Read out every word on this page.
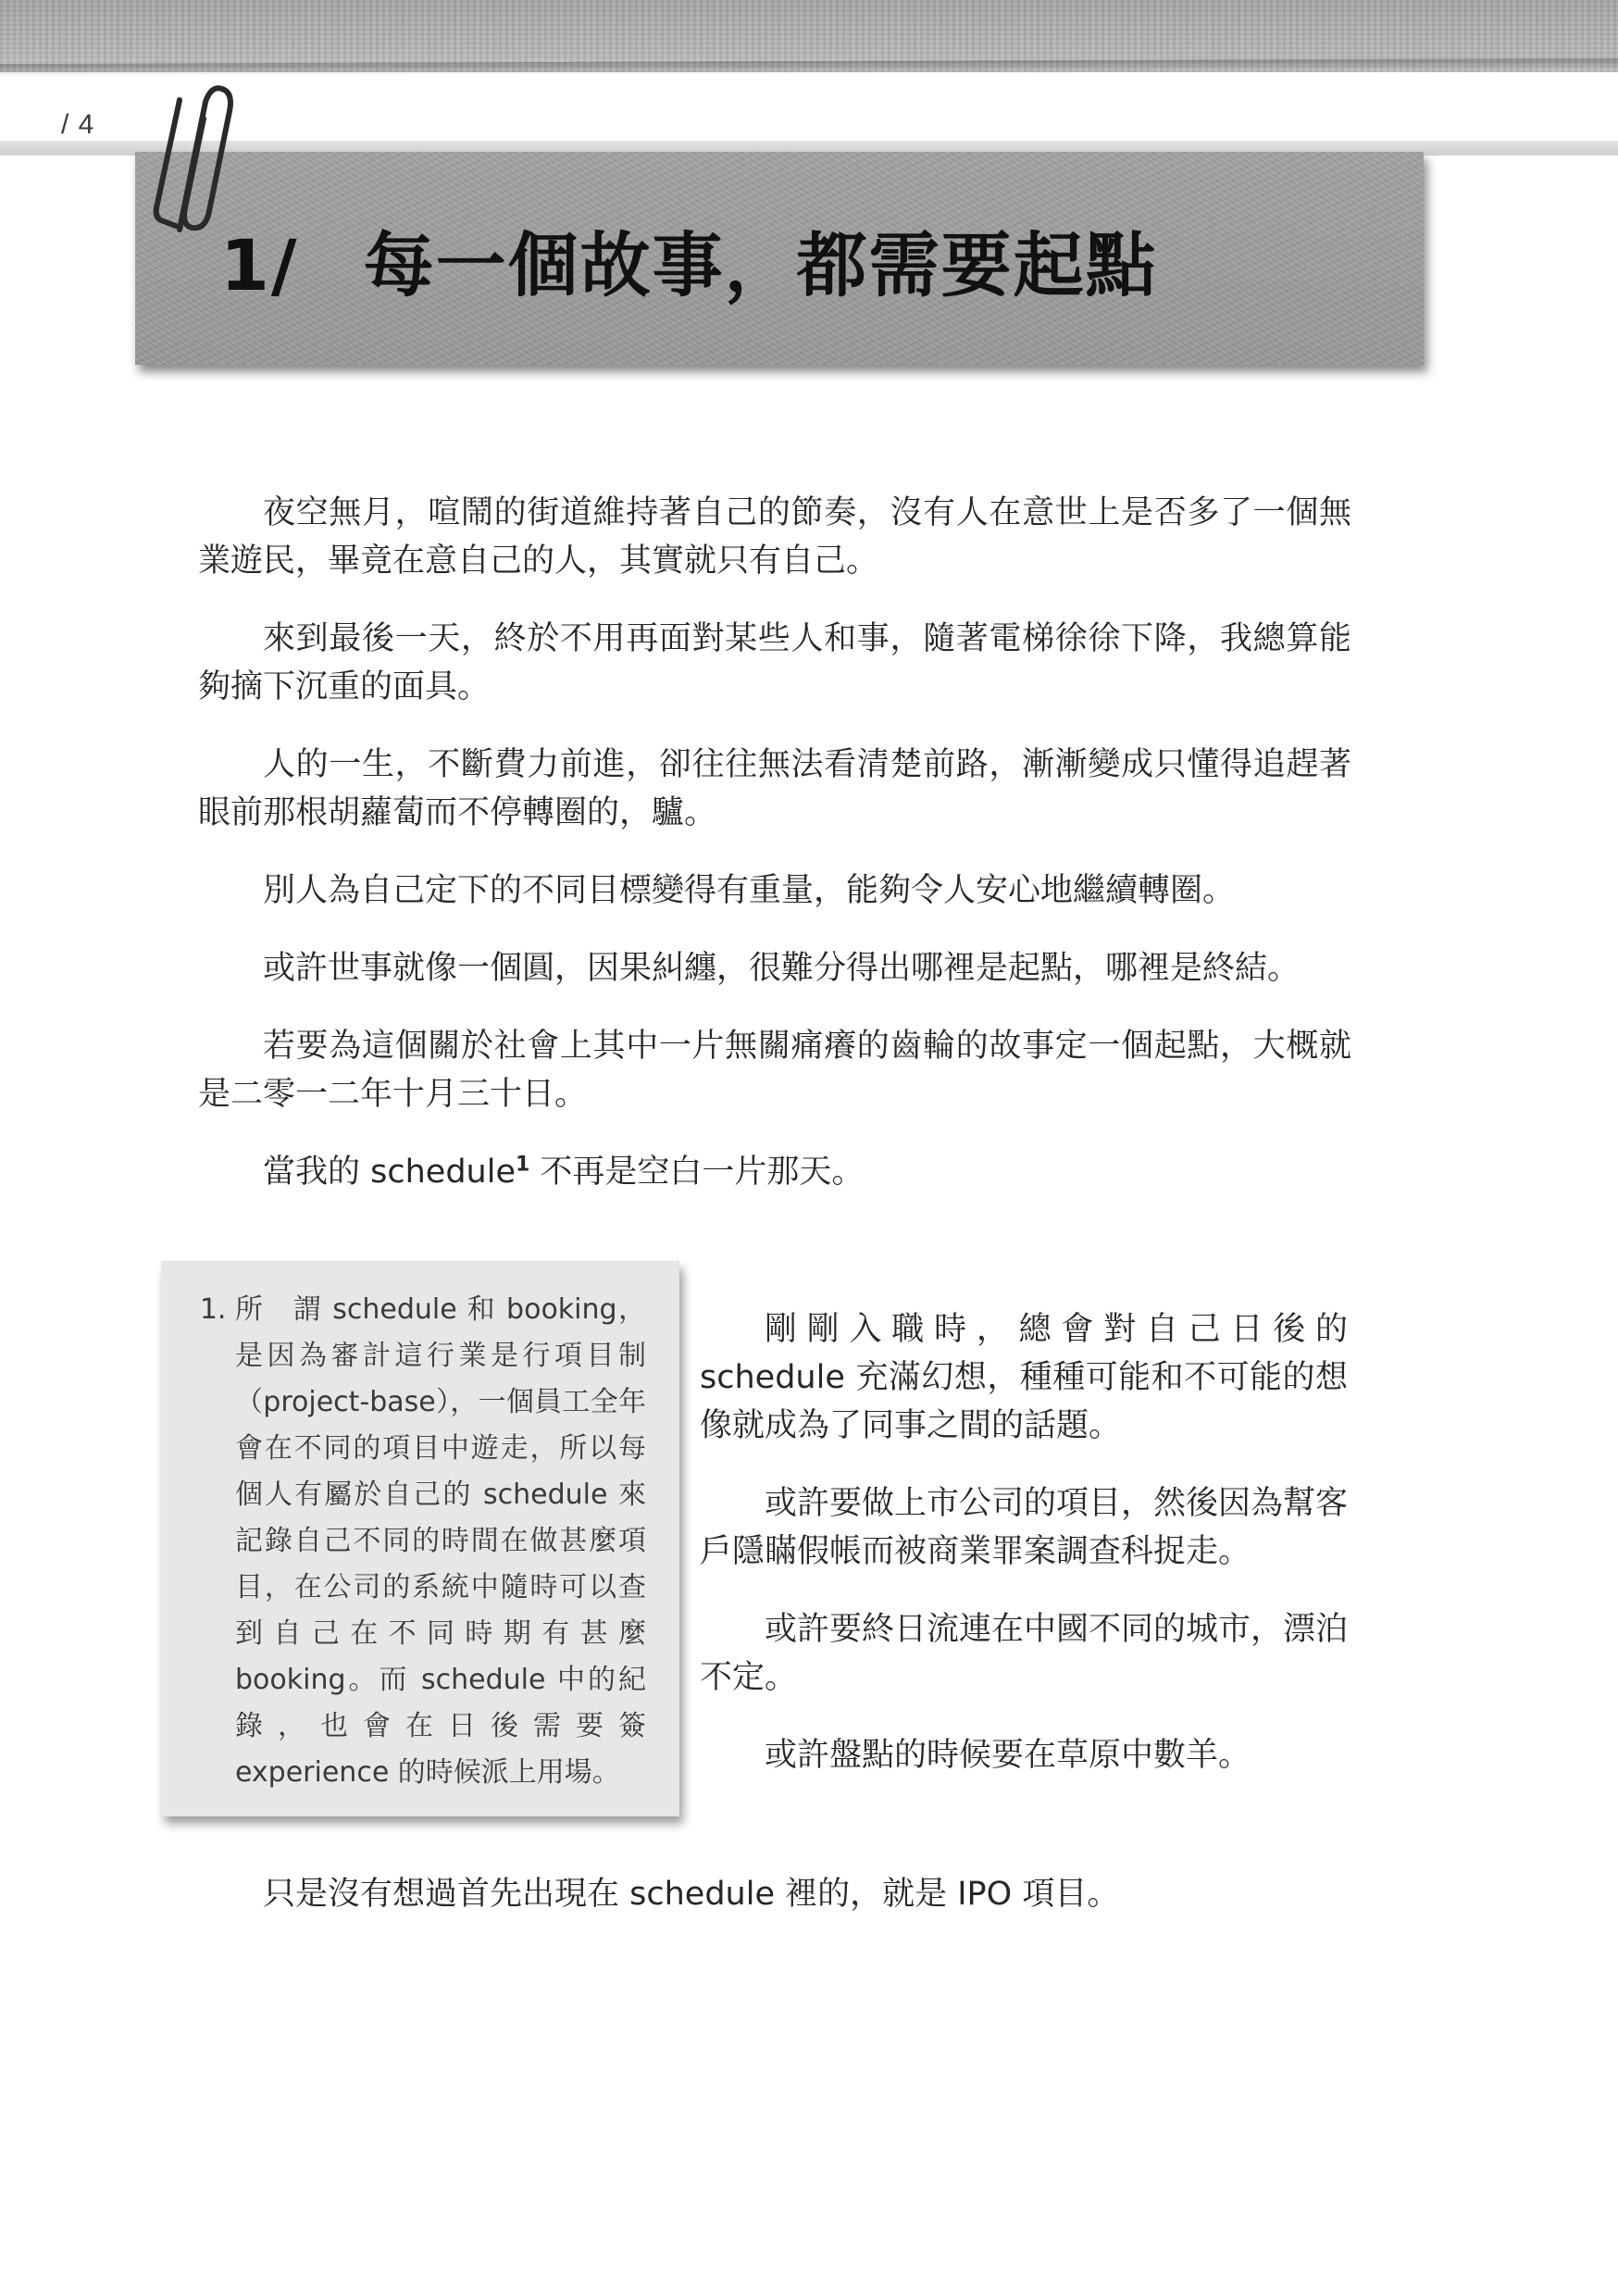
/ 4
1/ 每一個故事，都需要起點

夜空無月，喧鬧的街道維持著自己的節奏，沒有人在意世上是否多了一個無業遊民，畢竟在意自己的人，其實就只有自己。

來到最後一天，終於不用再面對某些人和事，隨著電梯徐徐下降，我總算能夠摘下沉重的面具。

人的一生，不斷費力前進，卻往往無法看清楚前路，漸漸變成只懂得追趕著眼前那根胡蘿蔔而不停轉圈的，驢。

別人為自己定下的不同目標變得有重量，能夠令人安心地繼續轉圈。

或許世事就像一個圓，因果糾纏，很難分得出哪裡是起點，哪裡是終結。

若要為這個關於社會上其中一片無關痛癢的齒輪的故事定一個起點，大概就是二零一二年十月三十日。

當我的 schedule$^1$ 不再是空白一片那天。

1. 所　謂 schedule 和 booking，是因為審計這行業是行項目制（project-base），一個員工全年會在不同的項目中遊走，所以每個人有屬於自己的 schedule 來記錄自己不同的時間在做甚麼項目，在公司的系統中隨時可以查到自己在不同時期有甚麼 booking。而 schedule 中的紀錄，也會在日後需要簽 experience 的時候派上用場。

剛剛入職時，總會對自己日後的 schedule 充滿幻想，種種可能和不可能的想像就成為了同事之間的話題。

或許要做上市公司的項目，然後因為幫客戶隱瞞假帳而被商業罪案調查科捉走。

或許要終日流連在中國不同的城市，漂泊不定。

或許盤點的時候要在草原中數羊。

只是沒有想過首先出現在 schedule 裡的，就是 IPO 項目。
